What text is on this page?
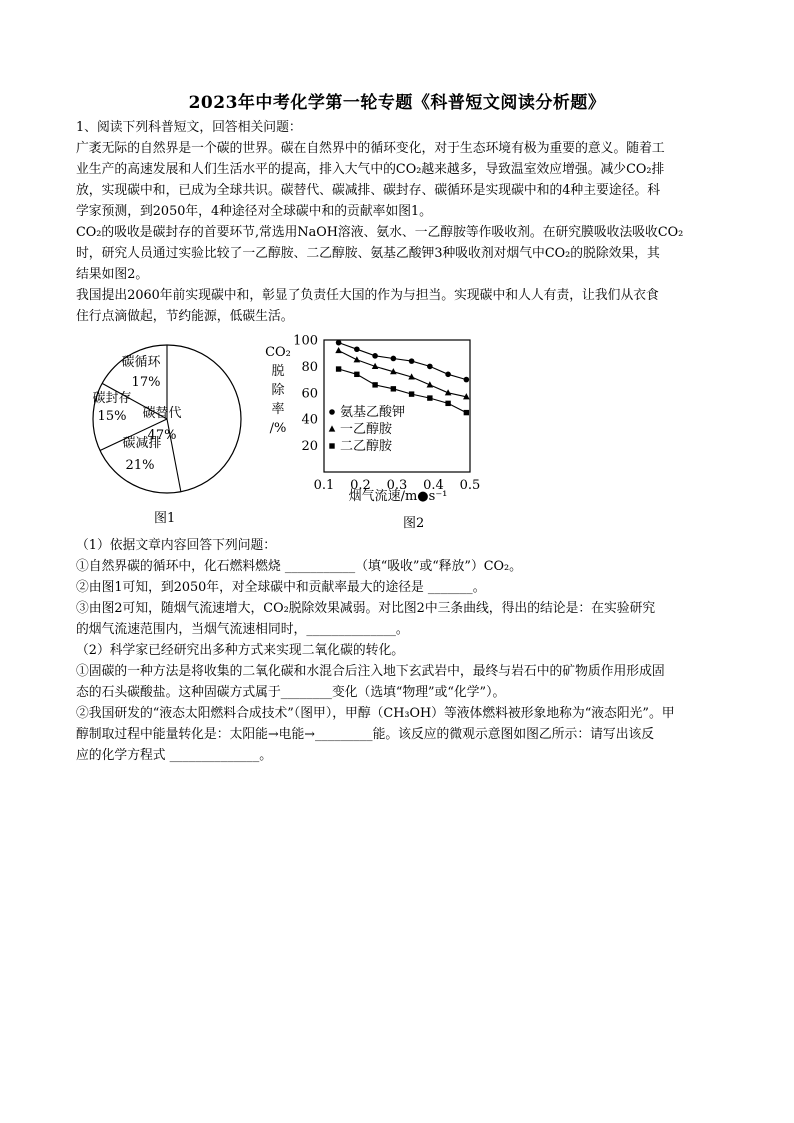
2023年中考化学第一轮专题《科普短文阅读分析题》
1、阅读下列科普短文，回答相关问题：
广袤无际的自然界是一个碳的世界。碳在自然界中的循环变化，对于生态环境有极为重要的意义。随着工
业生产的高速发展和人们生活水平的提高，排入大气中的CO₂越来越多，导致温室效应增强。减少CO₂排
放，实现碳中和，已成为全球共识。碳替代、碳减排、碳封存、碳循环是实现碳中和的4种主要途径。科
学家预测，到2050年，4种途径对全球碳中和的贡献率如图1。
CO₂的吸收是碳封存的首要环节,常选用NaOH溶液、氨水、一乙醇胺等作吸收剂。在研究膜吸收法吸收CO₂
时，研究人员通过实验比较了一乙醇胺、二乙醇胺、氨基乙酸钾3种吸收剂对烟气中CO₂的脱除效果，其
结果如图2。
我国提出2060年前实现碳中和，彰显了负责任大国的作为与担当。实现碳中和人人有责，让我们从衣食
住行点滴做起，节约能源，低碳生活。
碳替代
47%
碳减排
21%
碳封存
15%
碳循环
17%
图1
CO₂
脱
除
率
/%
20
40
60
80
100
0.1 0.2 0.3 0.4 0.5
氨基乙酸钾
一乙醇胺
二乙醇胺
烟气流速/m●s⁻¹
图2
（1）依据文章内容回答下列问题：
①自然界碳的循环中，化石燃料燃烧 ___________（填“吸收”或“释放”）CO₂。
②由图1可知，到2050年，对全球碳中和贡献率最大的途径是 _______。
③由图2可知，随烟气流速增大，CO₂脱除效果减弱。对比图2中三条曲线，得出的结论是：在实验研究
的烟气流速范围内，当烟气流速相同时，______________。
（2）科学家已经研究出多种方式来实现二氧化碳的转化。
①固碳的一种方法是将收集的二氧化碳和水混合后注入地下玄武岩中，最终与岩石中的矿物质作用形成固
态的石头碳酸盐。这种固碳方式属于________变化（选填“物理”或“化学”）。
②我国研发的“液态太阳燃料合成技术”（图甲），甲醇（CH₃OH）等液体燃料被形象地称为“液态阳光”。甲
醇制取过程中能量转化是：太阳能→电能→_________能。该反应的微观示意图如图乙所示：请写出该反
应的化学方程式 ______________。
